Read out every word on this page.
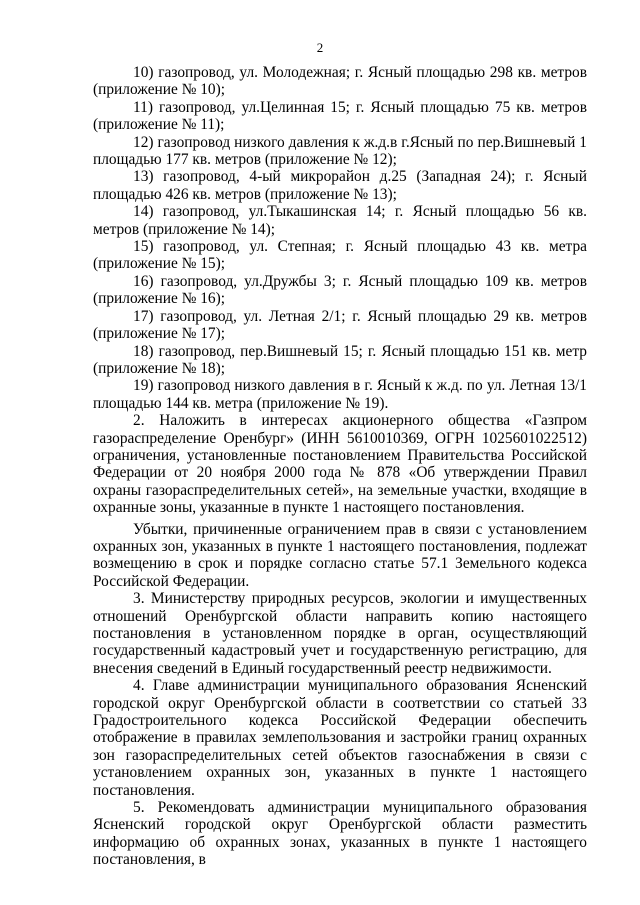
2

10) газопровод, ул. Молодежная; г. Ясный площадью 298 кв. метров (приложение № 10);

11) газопровод, ул.Целинная 15; г. Ясный площадью 75 кв. метров (приложение № 11);

12) газопровод низкого давления к ж.д.в г.Ясный по пер.Вишневый 1 площадью 177 кв. метров (приложение № 12);

13) газопровод, 4-ый микрорайон д.25 (Западная 24); г. Ясный площадью 426 кв. метров (приложение № 13);

14) газопровод, ул.Тыкашинская 14; г. Ясный площадью 56 кв. метров (приложение № 14);

15) газопровод, ул. Степная; г. Ясный площадью 43 кв. метра (приложение № 15);

16) газопровод, ул.Дружбы 3; г. Ясный площадью 109 кв. метров (приложение № 16);

17) газопровод, ул. Летная 2/1; г. Ясный площадью 29 кв. метров (приложение № 17);

18) газопровод, пер.Вишневый 15; г. Ясный площадью 151 кв. метр (приложение № 18);

19) газопровод низкого давления в г. Ясный к ж.д. по ул. Летная 13/1 площадью 144 кв. метра (приложение № 19).

2. Наложить в интересах акционерного общества «Газпром газораспределение Оренбург» (ИНН 5610010369, ОГРН 1025601022512) ограничения, установленные постановлением Правительства Российской Федерации от 20 ноября 2000 года № 878 «Об утверждении Правил охраны газораспределительных сетей», на земельные участки, входящие в охранные зоны, указанные в пункте 1 настоящего постановления.

Убытки, причиненные ограничением прав в связи с установлением охранных зон, указанных в пункте 1 настоящего постановления, подлежат возмещению в срок и порядке согласно статье 57.1 Земельного кодекса Российской Федерации.

3. Министерству природных ресурсов, экологии и имущественных отношений Оренбургской области направить копию настоящего постановления в установленном порядке в орган, осуществляющий государственный кадастровый учет и государственную регистрацию, для внесения сведений в Единый государственный реестр недвижимости.

4. Главе администрации муниципального образования Ясненский городской округ Оренбургской области в соответствии со статьей 33 Градостроительного кодекса Российской Федерации обеспечить отображение в правилах землепользования и застройки границ охранных зон газораспределительных сетей объектов газоснабжения в связи с установлением охранных зон, указанных в пункте 1 настоящего постановления.

5. Рекомендовать администрации муниципального образования Ясненский городской округ Оренбургской области разместить информацию об охранных зонах, указанных в пункте 1 настоящего постановления, в
